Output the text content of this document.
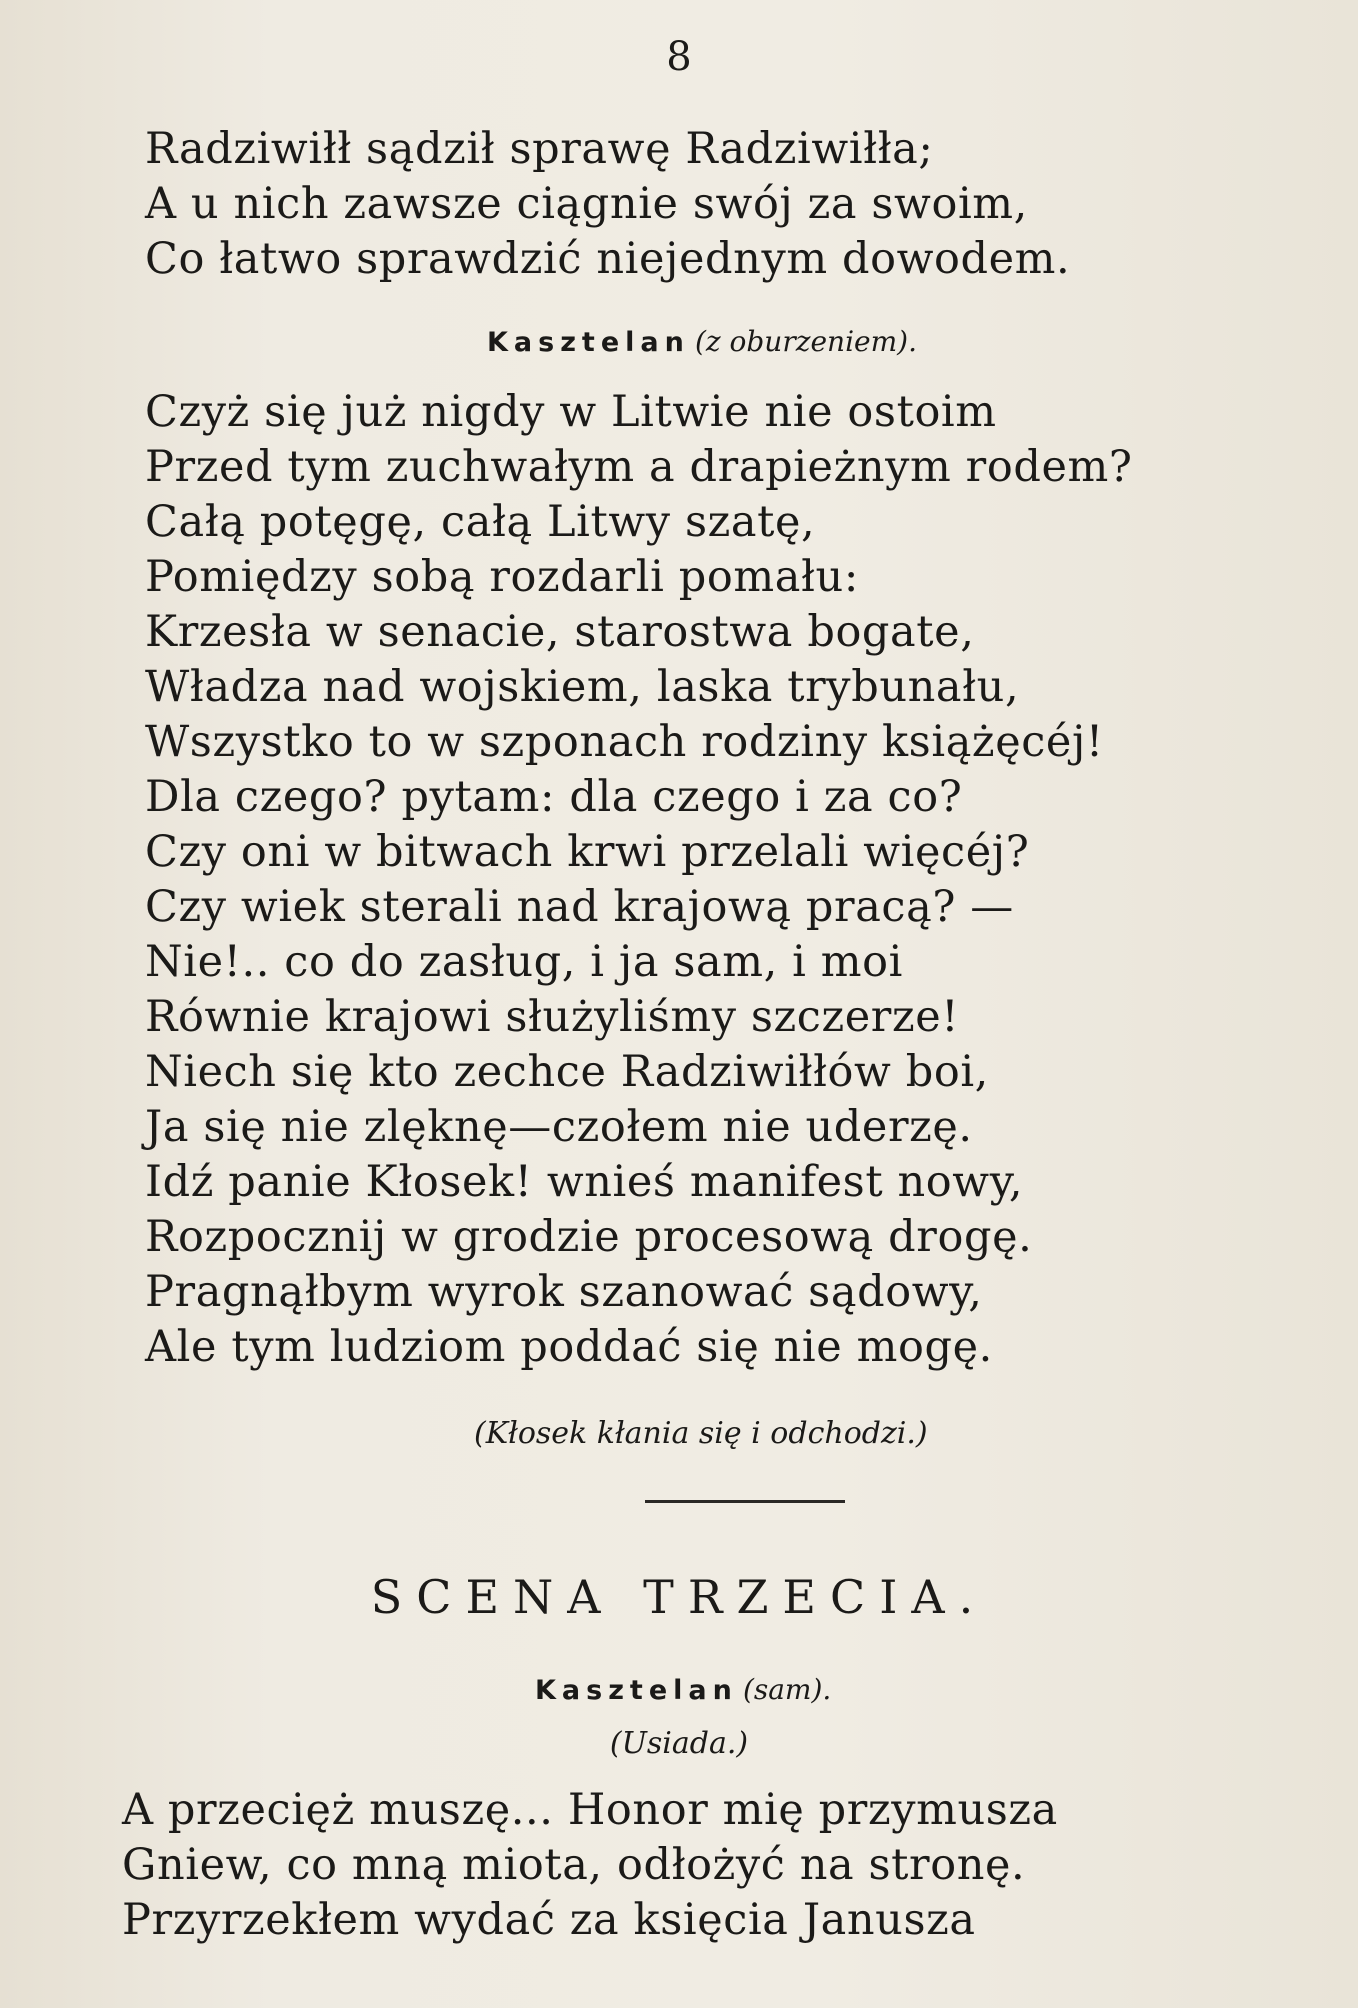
8
Radziwiłł sądził sprawę Radziwiłła;
A u nich zawsze ciągnie swój za swoim,
Co łatwo sprawdzić niejednym dowodem.
Kasztelan (z oburzeniem).
Czyż się już nigdy w Litwie nie ostoim
Przed tym zuchwałym a drapieżnym rodem?
Całą potęgę, całą Litwy szatę,
Pomiędzy sobą rozdarli pomału:
Krzesła w senacie, starostwa bogate,
Władza nad wojskiem, laska trybunału,
Wszystko to w szponach rodziny książęcéj!
Dla czego? pytam: dla czego i za co?
Czy oni w bitwach krwi przelali więcéj?
Czy wiek sterali nad krajową pracą? —
Nie!.. co do zasług, i ja sam, i moi
Równie krajowi służyliśmy szczerze!
Niech się kto zechce Radziwiłłów boi,
Ja się nie zlęknę—czołem nie uderzę.
Idź panie Kłosek! wnieś manifest nowy,
Rozpocznij w grodzie procesową drogę.
Pragnąłbym wyrok szanować sądowy,
Ale tym ludziom poddać się nie mogę.
(Kłosek kłania się i odchodzi.)
SCENA TRZECIA.
Kasztelan (sam).
(Usiada.)
A przecięż muszę... Honor mię przymusza
Gniew, co mną miota, odłożyć na stronę.
Przyrzekłem wydać za księcia Janusza
